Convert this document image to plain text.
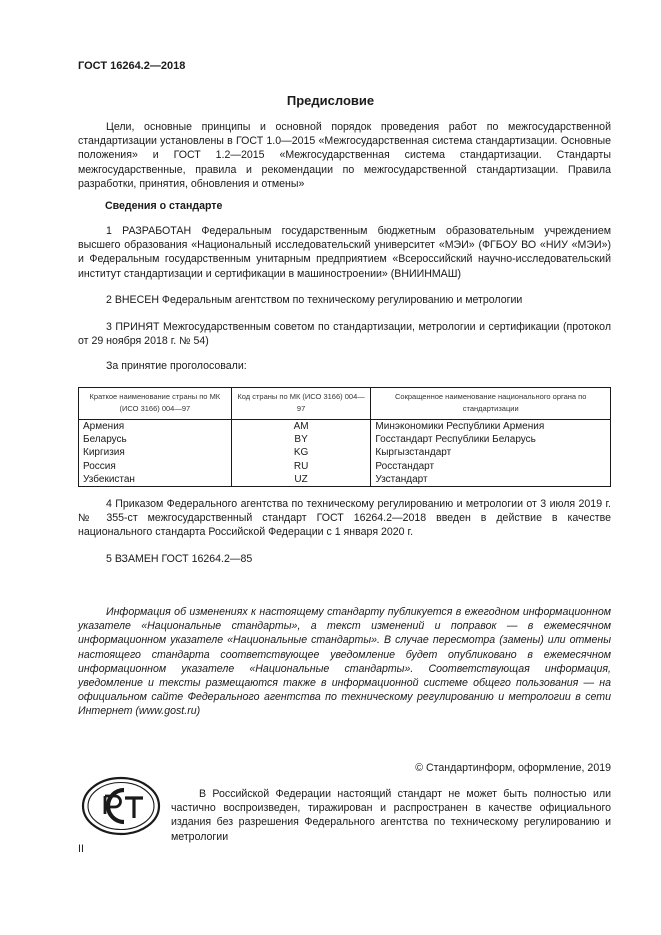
ГОСТ 16264.2—2018
Предисловие

Цели, основные принципы и основной порядок проведения работ по межгосударственной стандартизации установлены в ГОСТ 1.0—2015 «Межгосударственная система стандартизации. Основные положения» и ГОСТ 1.2—2015 «Межгосударственная система стандартизации. Стандарты межгосударственные, правила и рекомендации по межгосударственной стандартизации. Правила разработки, принятия, обновления и отмены»

Сведения о стандарте

1 РАЗРАБОТАН Федеральным государственным бюджетным образовательным учреждением высшего образования «Национальный исследовательский университет «МЭИ» (ФГБОУ ВО «НИУ «МЭИ») и Федеральным государственным унитарным предприятием «Всероссийский научно-исследовательский институт стандартизации и сертификации в машиностроении» (ВНИИНМАШ)

2 ВНЕСЕН Федеральным агентством по техническому регулированию и метрологии

3 ПРИНЯТ Межгосударственным советом по стандартизации, метрологии и сертификации (протокол от 29 ноября 2018 г. № 54)

За принятие проголосовали:

Краткое наименование страны по МК (ИСО 3166) 004—97	Код страны по МК (ИСО 3166) 004—97	Сокращенное наименование национального органа по стандартизации
Армения	AM	Минэкономики Республики Армения
Беларусь	BY	Госстандарт Республики Беларусь
Киргизия	KG	Кыргызстандарт
Россия	RU	Росстандарт
Узбекистан	UZ	Узстандарт

4 Приказом Федерального агентства по техническому регулированию и метрологии от 3 июля 2019 г. № 355-ст межгосударственный стандарт ГОСТ 16264.2—2018 введен в действие в качестве национального стандарта Российской Федерации с 1 января 2020 г.

5 ВЗАМЕН ГОСТ 16264.2—85

Информация об изменениях к настоящему стандарту публикуется в ежегодном информационном указателе «Национальные стандарты», а текст изменений и поправок — в ежемесячном информационном указателе «Национальные стандарты». В случае пересмотра (замены) или отмены настоящего стандарта соответствующее уведомление будет опубликовано в ежемесячном информационном указателе «Национальные стандарты». Соответствующая информация, уведомление и тексты размещаются также в информационной системе общего пользования — на официальном сайте Федерального агентства по техническому регулированию и метрологии в сети Интернет (www.gost.ru)

© Стандартинформ, оформление, 2019

В Российской Федерации настоящий стандарт не может быть полностью или частично воспроизведен, тиражирован и распространен в качестве официального издания без разрешения Федерального агентства по техническому регулированию и метрологии

II
